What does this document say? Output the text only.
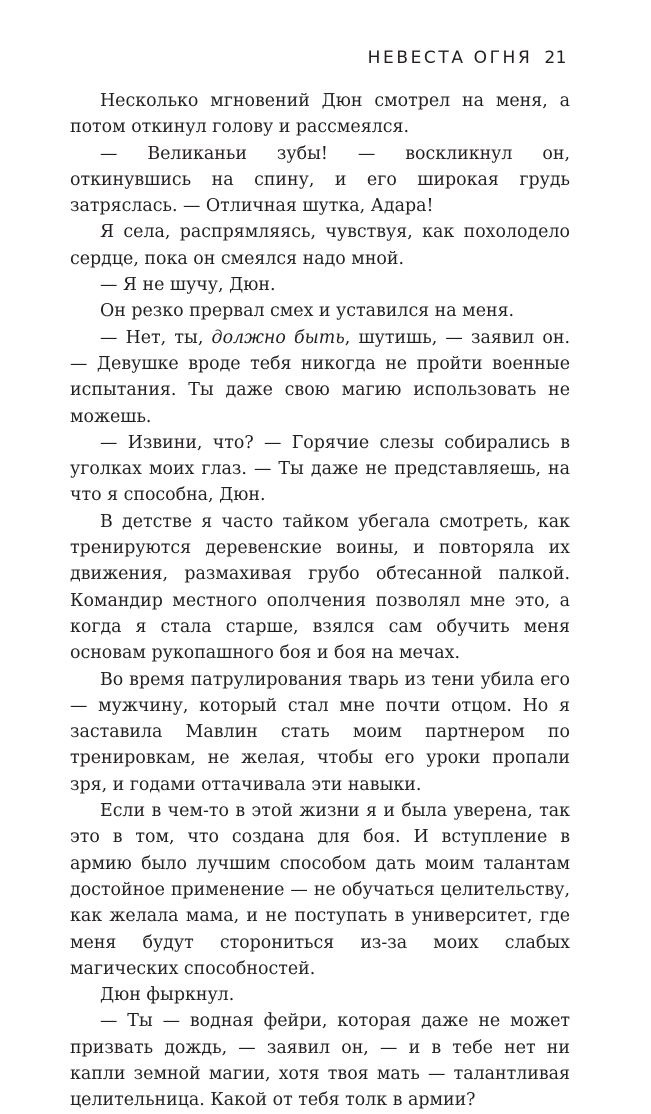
НЕВЕСТА ОГНЯ 21

Несколько мгновений Дюн смотрел на меня, а потом откинул голову и рассмеялся.

— Великаньи зубы! — воскликнул он, откинувшись на спину, и его широкая грудь затряслась. — Отличная шутка, Адара!

Я села, распрямляясь, чувствуя, как похолодело сердце, пока он смеялся надо мной.

— Я не шучу, Дюн.

Он резко прервал смех и уставился на меня.

— Нет, ты, должно быть, шутишь, — заявил он. — Девушке вроде тебя никогда не пройти военные испытания. Ты даже свою магию использовать не можешь.

— Извини, что? — Горячие слезы собирались в уголках моих глаз. — Ты даже не представляешь, на что я способна, Дюн.

В детстве я часто тайком убегала смотреть, как тренируются деревенские воины, и повторяла их движения, размахивая грубо обтесанной палкой. Командир местного ополчения позволял мне это, а когда я стала старше, взялся сам обучить меня основам рукопашного боя и боя на мечах.

Во время патрулирования тварь из тени убила его — мужчину, который стал мне почти отцом. Но я заставила Мавлин стать моим партнером по тренировкам, не желая, чтобы его уроки пропали зря, и годами оттачивала эти навыки.

Если в чем-то в этой жизни я и была уверена, так это в том, что создана для боя. И вступление в армию было лучшим способом дать моим талантам достойное применение — не обучаться целительству, как желала мама, и не поступать в университет, где меня будут сторониться из-за моих слабых магических способностей.

Дюн фыркнул.

— Ты — водная фейри, которая даже не может призвать дождь, — заявил он, — и в тебе нет ни капли земной магии, хотя твоя мать — талантливая целительница. Какой от тебя толк в армии?
